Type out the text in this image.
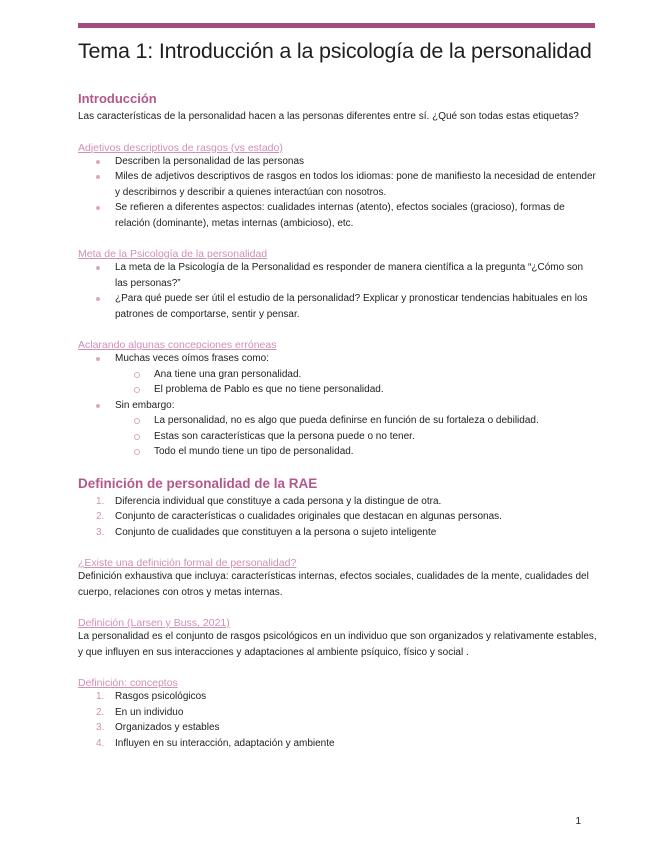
Tema 1: Introducción a la psicología de la personalidad
Introducción

Las características de la personalidad hacen a las personas diferentes entre sí. ¿Qué son todas estas etiquetas?

Adjetivos descriptivos de rasgos (vs estado)
Describen la personalidad de las personas
Miles de adjetivos descriptivos de rasgos en todos los idiomas: pone de manifiesto la necesidad de entender y describirnos y describir a quienes interactúan con nosotros.
Se refieren a diferentes aspectos: cualidades internas (atento), efectos sociales (gracioso), formas de relación (dominante), metas internas (ambicioso), etc.
Meta de la Psicología de la personalidad
La meta de la Psicología de la Personalidad es responder de manera científica a la pregunta “¿Cómo son las personas?”
¿Para qué puede ser útil el estudio de la personalidad? Explicar y pronosticar tendencias habituales en los patrones de comportarse, sentir y pensar.
Aclarando algunas concepciones erróneas
Muchas veces oímos frases como:
Ana tiene una gran personalidad.
El problema de Pablo es que no tiene personalidad.
Sin embargo:
La personalidad, no es algo que pueda definirse en función de su fortaleza o debilidad.
Estas son características que la persona puede o no tener.
Todo el mundo tiene un tipo de personalidad.
Definición de personalidad de la RAE
1. Diferencia individual que constituye a cada persona y la distingue de otra.
2. Conjunto de características o cualidades originales que destacan en algunas personas.
3. Conjunto de cualidades que constituyen a la persona o sujeto inteligente
¿Existe una definición formal de personalidad?

Definición exhaustiva que incluya: características internas, efectos sociales, cualidades de la mente, cualidades del cuerpo, relaciones con otros y metas internas.

Definición (Larsen y Buss, 2021)

La personalidad es el conjunto de rasgos psicológicos en un individuo que son organizados y relativamente estables, y que influyen en sus interacciones y adaptaciones al ambiente psíquico, físico y social .

Definición: conceptos
1. Rasgos psicológicos
2. En un individuo
3. Organizados y estables
4. Influyen en su interacción, adaptación y ambiente
1
